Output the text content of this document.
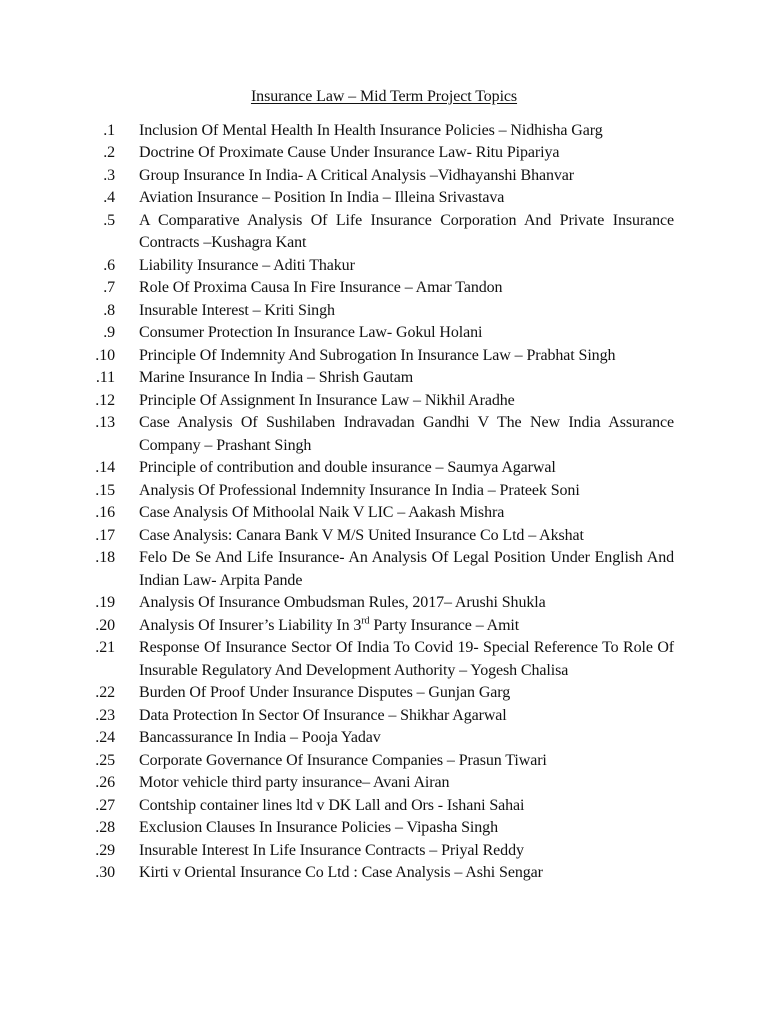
Insurance Law – Mid Term Project Topics
1. Inclusion Of Mental Health In Health Insurance Policies – Nidhisha Garg
2. Doctrine Of Proximate Cause Under Insurance Law- Ritu Pipariya
3. Group Insurance In India- A Critical Analysis –Vidhayanshi Bhanvar
4. Aviation Insurance – Position In India – Illeina Srivastava
5. A Comparative Analysis Of Life Insurance Corporation And Private Insurance Contracts –Kushagra Kant
6. Liability Insurance – Aditi Thakur
7. Role Of Proxima Causa In Fire Insurance – Amar Tandon
8. Insurable Interest – Kriti Singh
9. Consumer Protection In Insurance Law- Gokul Holani
10. Principle Of Indemnity And Subrogation In Insurance Law – Prabhat Singh
11. Marine Insurance In India – Shrish Gautam
12. Principle Of Assignment In Insurance Law – Nikhil Aradhe
13. Case Analysis Of Sushilaben Indravadan Gandhi V The New India Assurance Company – Prashant Singh
14. Principle of contribution and double insurance – Saumya Agarwal
15. Analysis Of Professional Indemnity Insurance In India – Prateek Soni
16. Case Analysis Of Mithoolal Naik V LIC – Aakash Mishra
17. Case Analysis: Canara Bank V M/S United Insurance Co Ltd – Akshat
18. Felo De Se And Life Insurance- An Analysis Of Legal Position Under English And Indian Law- Arpita Pande
19. Analysis Of Insurance Ombudsman Rules, 2017– Arushi Shukla
20. Analysis Of Insurer’s Liability In 3rd Party Insurance – Amit
21. Response Of Insurance Sector Of India To Covid 19- Special Reference To Role Of Insurable Regulatory And Development Authority – Yogesh Chalisa
22. Burden Of Proof Under Insurance Disputes – Gunjan Garg
23. Data Protection In Sector Of Insurance – Shikhar Agarwal
24. Bancassurance In India – Pooja Yadav
25. Corporate Governance Of Insurance Companies – Prasun Tiwari
26. Motor vehicle third party insurance– Avani Airan
27. Contship container lines ltd v DK Lall and Ors - Ishani Sahai
28. Exclusion Clauses In Insurance Policies – Vipasha Singh
29. Insurable Interest In Life Insurance Contracts – Priyal Reddy
30. Kirti v Oriental Insurance Co Ltd : Case Analysis – Ashi Sengar
